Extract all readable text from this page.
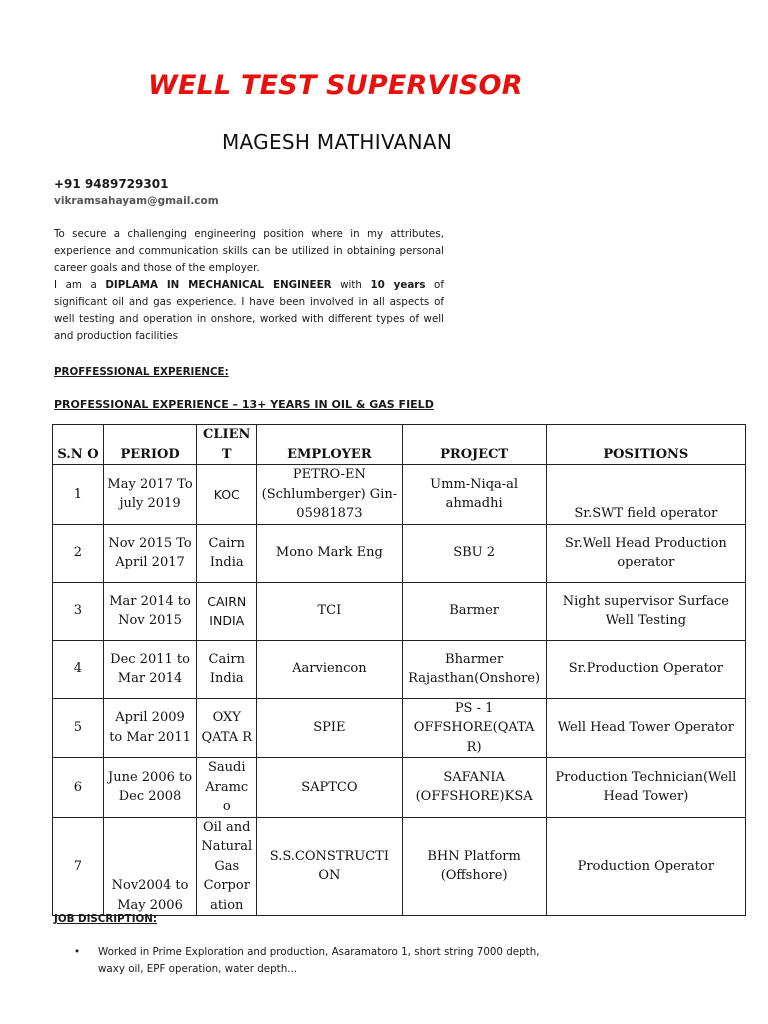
WELL TEST SUPERVISOR
MAGESH MATHIVANAN
+91 9489729301
vikramsahayam@gmail.com

To secure a challenging engineering position where in my attributes, experience and communication skills can be utilized in obtaining personal career goals and those of the employer.

I am a DIPLAMA IN MECHANICAL ENGINEER with 10 years of significant oil and gas experience. I have been involved in all aspects of well testing and operation in onshore, worked with different types of well and production facilities

PROFFESSIONAL EXPERIENCE:
PROFESSIONAL EXPERIENCE – 13+ YEARS IN OIL & GAS FIELD
S.N O	PERIOD	CLIEN T	EMPLOYER	PROJECT	POSITIONS
1	May 2017 To july 2019	KOC	PETRO-EN (Schlumberger) Gin-05981873	Umm-Niqa-al ahmadhi	Sr.SWT field operator
2	Nov 2015 To April 2017	Cairn India	Mono Mark Eng	SBU 2	Sr.Well Head Production operator
3	Mar 2014 to Nov 2015	CAIRN INDIA	TCI	Barmer	Night supervisor Surface Well Testing
4	Dec 2011 to Mar 2014	Cairn India	Aarviencon	Bharmer Rajasthan(Onshore)	Sr.Production Operator
5	April 2009 to Mar 2011	OXY QATA R	SPIE	PS - 1 OFFSHORE(QATA R)	Well Head Tower Operator
6	June 2006 to Dec 2008	Saudi Aramc o	SAPTCO	SAFANIA (OFFSHORE)KSA	Production Technician(Well Head Tower)
7	Nov2004 to May 2006	Oil and Natural Gas Corpor ation	S.S.CONSTRUCTI ON	BHN Platform (Offshore)	Production Operator
JOB DISCRIPTION:
• Worked in Prime Exploration and production, Asaramatoro 1, short string 7000 depth, waxy oil, EPF operation, water depth...
